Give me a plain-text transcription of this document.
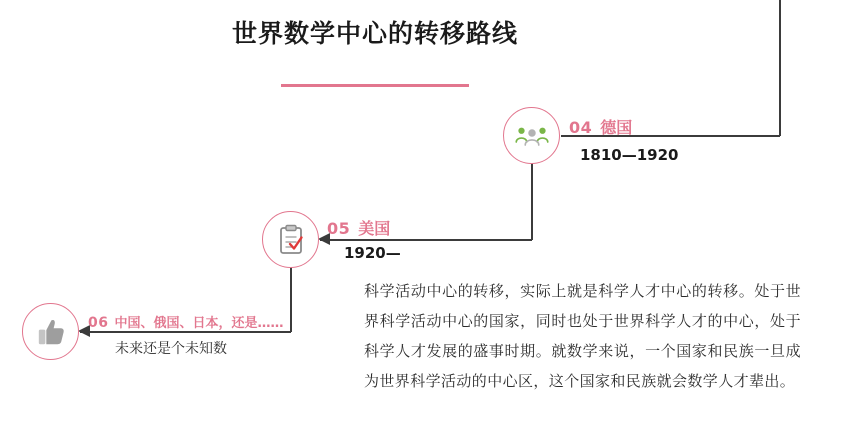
世界数学中心的转移路线
04 德国
1810—1920
05 美国
1920—
06 中国、俄国、日本，还是……
未来还是个未知数
科学活动中心的转移，实际上就是科学人才中心的转移。处于世界科学活动中心的国家，同时也处于世界科学人才的中心，处于科学人才发展的盛事时期。就数学来说，一个国家和民族一旦成为世界科学活动的中心区，这个国家和民族就会数学人才辈出。
